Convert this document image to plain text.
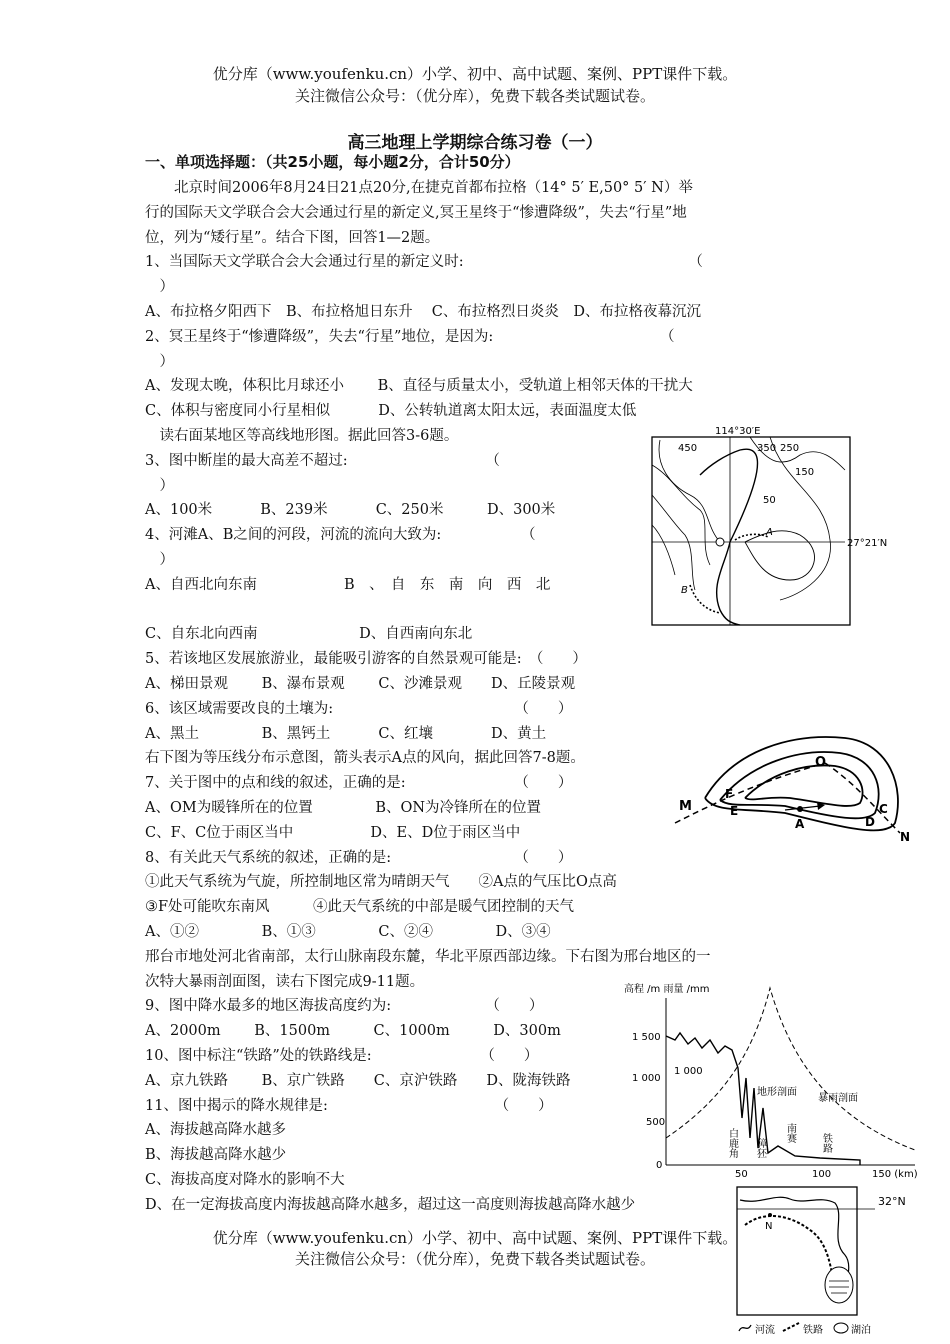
优分库（www.youfenku.cn）小学、初中、高中试题、案例、PPT课件下载。
关注微信公众号：（优分库），免费下载各类试题试卷。
高三地理上学期综合练习卷（一）
一、单项选择题：（共25小题，每小题2分，合计50分）
　　北京时间2006年8月24日21点20分,在捷克首都布拉格（14° 5′ E,50° 5′ N）举
行的国际天文学联合会大会通过行星的新定义,冥王星终于“惨遭降级”，失去“行星”地
位，列为“矮行星”。结合下图，回答1—2题。
1、当国际天文学联合会大会通过行星的新定义时:　　　　　　　　　　　　　　　　（
　）
A、布拉格夕阳西下　B、布拉格旭日东升　 C、布拉格烈日炎炎　D、布拉格夜幕沉沉
2、冥王星终于“惨遭降级”，失去“行星”地位，是因为:　　　　　　　　　　　　（
　）
A、发现太晚，体积比月球还小　　 B、直径与质量太小，受轨道上相邻天体的干扰大
C、体积与密度同小行星相似　　　 D、公转轨道离太阳太远，表面温度太低
　读右面某地区等高线地形图。据此回答3-6题。
3、图中断崖的最大高差不超过:　　　　　　　　　　（
　）
A、100米　　　 B、239米　　　 C、250米　　　D、300米
4、河滩A、B之间的河段，河流的流向大致为:　　　　　　（
　）
A、自西北向东南　　　　　　B　、　自　东　南　向　西　北
C、自东北向西南　　　　　　　D、自西南向东北
5、若该地区发展旅游业，最能吸引游客的自然景观可能是:　（　　）
A、梯田景观　　 B、瀑布景观　　 C、沙滩景观　　D、丘陵景观
6、该区域需要改良的土壤为:　　　　　　　　　　　　　（　　）
A、黑土　　　　 B、黑钙土　　　 C、红壤　　　　D、黄土
右下图为等压线分布示意图，箭头表示A点的风向，据此回答7-8题。
7、关于图中的点和线的叙述，正确的是:　　　　　　　　（　　）
A、OM为暖锋所在的位置　　　　 B、ON为冷锋所在的位置
C、F、C位于雨区当中　　　　　 D、E、D位于雨区当中
8、有关此天气系统的叙述，正确的是:　　　　　　　　　（　　）
①此天气系统为气旋，所控制地区常为晴朗天气　　②A点的气压比O点高
③F处可能吹东南风　　　④此天气系统的中部是暖气团控制的天气
A、①②　　　　 B、①③　　　　 C、②④　　　　 D、③④
邢台市地处河北省南部，太行山脉南段东麓，华北平原西部边缘。下右图为邢台地区的一
次特大暴雨剖面图，读右下图完成9-11题。
9、图中降水最多的地区海拔高度约为:　　　　　　　（　　）
A、2000m　　 B、1500m　　　C、1000m　　　D、300m
10、图中标注“铁路”处的铁路线是:　　　　　　　　（　　）
A、京九铁路　　 B、京广铁路　　C、京沪铁路　　D、陇海铁路
11、图中揭示的降水规律是:　　　　　　　　　　　　（　　）
A、海拔越高降水越多
B、海拔越高降水越少
C、海拔高度对降水的影响不大
D、在一定海拔高度内海拔越高降水越多，超过这一高度则海拔越高降水越少
114°30′E
27°21′N
450	350 250
150
50
A
B
M
F
E
O
A
C
D
N
高程 /m 雨量 /mm
1 500
1 000
500
0
50	100	150 (km)
1 000
地形剖面
暴雨剖面
白鹿角 獐狉
南赛	铁路
32°N
N
河流	铁路	湖泊
优分库（www.youfenku.cn）小学、初中、高中试题、案例、PPT课件下载。
关注微信公众号：（优分库），免费下载各类试题试卷。
